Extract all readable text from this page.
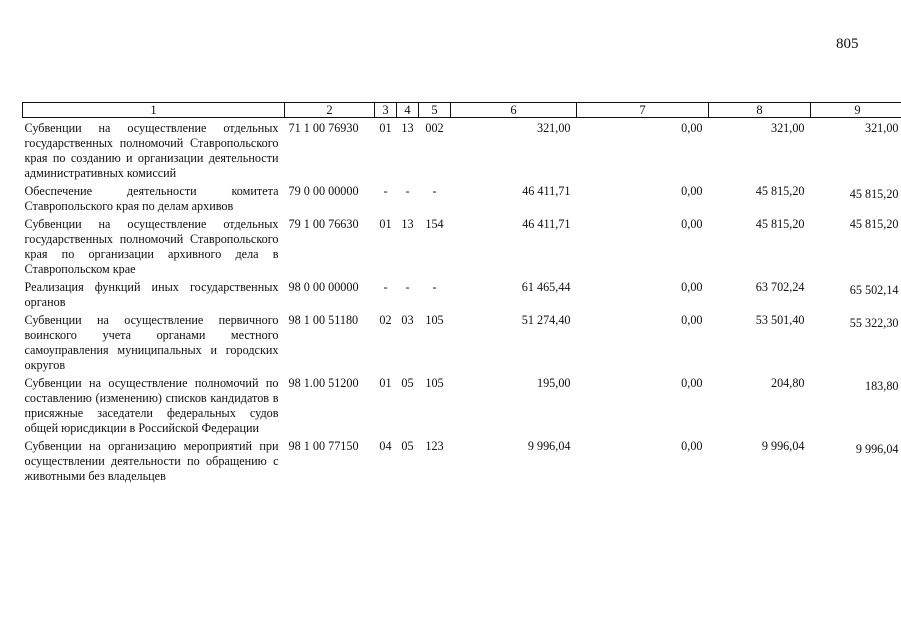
805
1	2	3	4	5	6	7	8	9
Субвенции на осуществление отдельных государственных полномочий Ставропольского края по созданию и организации деятельности административных комиссий	71 1 00 76930	01	13	002	321,00	0,00	321,00	321,00
Обеспечение деятельности комитета Ставропольского края по делам архивов	79 0 00 00000	-	-	-	46 411,71	0,00	45 815,20	45 815,20
Субвенции на осуществление отдельных государственных полномочий Ставропольского края по организации архивного дела в Ставропольском крае	79 1 00 76630	01	13	154	46 411,71	0,00	45 815,20	45 815,20
Реализация функций иных государственных органов	98 0 00 00000	-	-	-	61 465,44	0,00	63 702,24	65 502,14
Субвенции на осуществление первичного воинского учета органами местного самоуправления муниципальных и городских округов	98 1 00 51180	02	03	105	51 274,40	0,00	53 501,40	55 322,30
Субвенции на осуществление полномочий по составлению (изменению) списков кандидатов в присяжные заседатели федеральных судов общей юрисдикции в Российской Федерации	98 1.00 51200	01	05	105	195,00	0,00	204,80	183,80
Субвенции на организацию мероприятий при осуществлении деятельности по обращению с животными без владельцев	98 1 00 77150	04	05	123	9 996,04	0,00	9 996,04	9 996,04
